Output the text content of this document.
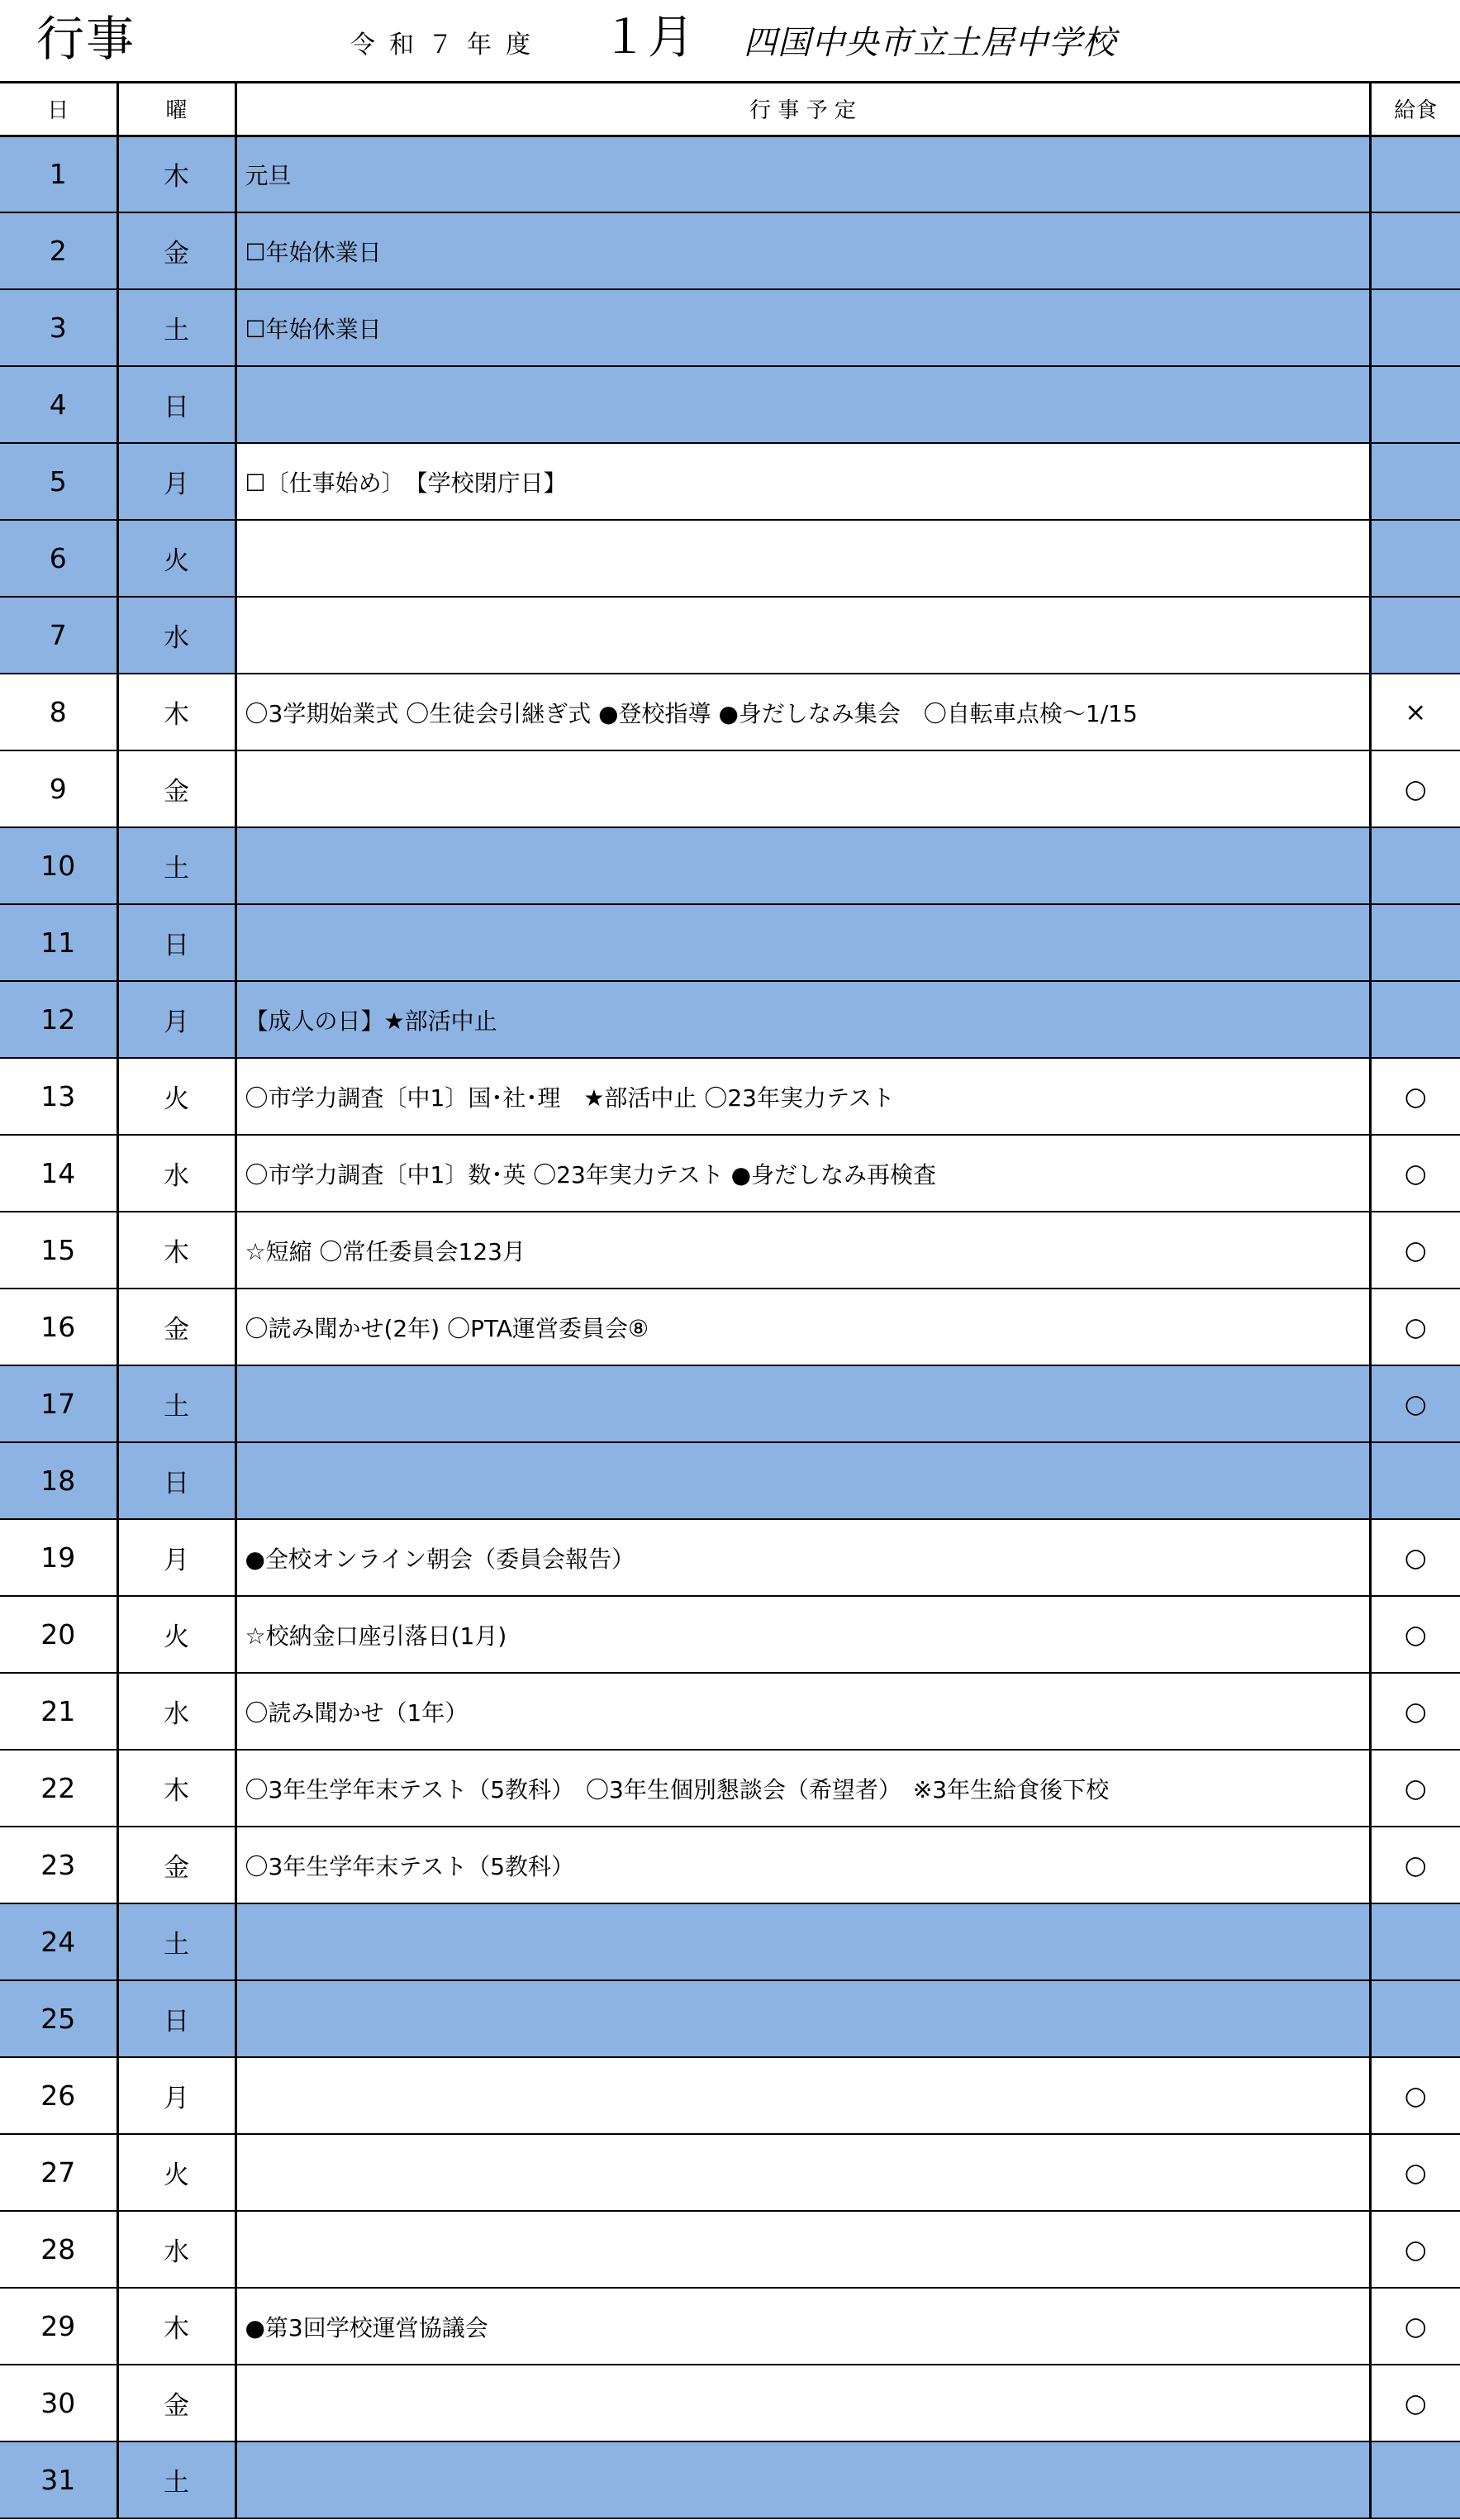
行事	令和７年度 １月 四国中央市立土居中学校
日	曜	行 事 予 定	給食
1	木	元旦	
2	金	☐年始休業日	
3	土	☐年始休業日	
4	日		
5	月	☐〔仕事始め〕　【学校閉庁日】	
6	火		
7	水		
8	木	〇3学期始業式 〇生徒会引継ぎ式 ●登校指導 ●身だしなみ集会　〇自転車点検～1/15	×
9	金		○
10	土		
11	日		
12	月	【成人の日】★部活中止	
13	火	〇市学力調査〔中1〕国･社･理　★部活中止 〇23年実力テスト	○
14	水	〇市学力調査〔中1〕数･英 〇23年実力テスト ●身だしなみ再検査	○
15	木	☆短縮 〇常任委員会123月	○
16	金	〇読み聞かせ(2年) 〇PTA運営委員会⑧	○
17	土		○
18	日		
19	月	●全校オンライン朝会（委員会報告）	○
20	火	☆校納金口座引落日(1月)	○
21	水	〇読み聞かせ（1年）	○
22	木	〇3年生学年末テスト（5教科）　〇3年生個別懇談会（希望者）　※3年生給食後下校	○
23	金	〇3年生学年末テスト（5教科）	○
24	土		
25	日		
26	月		○
27	火		○
28	水		○
29	木	●第3回学校運営協議会	○
30	金		○
31	土		
